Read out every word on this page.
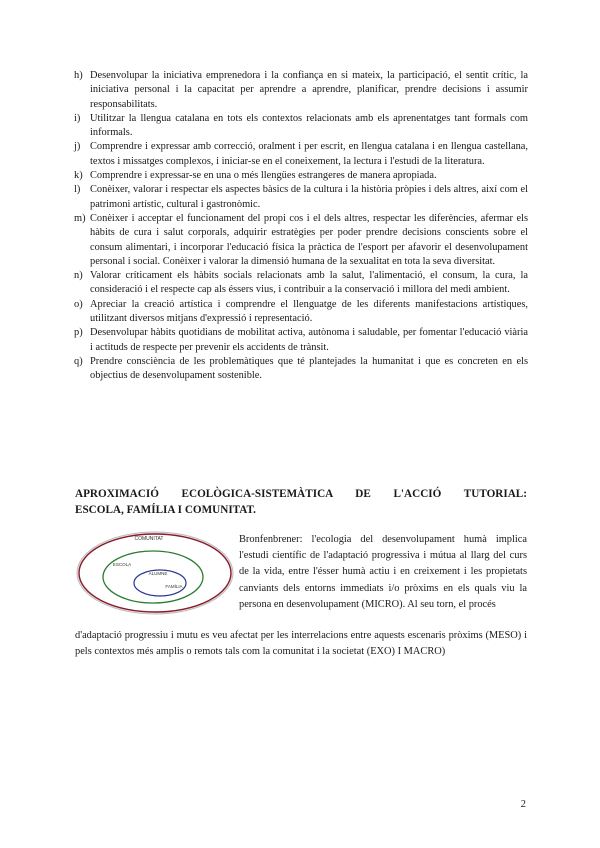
h) Desenvolupar la iniciativa emprenedora i la confiança en si mateix, la participació, el sentit crític, la iniciativa personal i la capacitat per aprendre a aprendre, planificar, prendre decisions i assumir responsabilitats.
i) Utilitzar la llengua catalana en tots els contextos relacionats amb els aprenentatges tant formals com informals.
j) Comprendre i expressar amb correcció, oralment i per escrit, en llengua catalana i en llengua castellana, textos i missatges complexos, i iniciar-se en el coneixement, la lectura i l'estudi de la literatura.
k) Comprendre i expressar-se en una o més llengües estrangeres de manera apropiada.
l) Conèixer, valorar i respectar els aspectes bàsics de la cultura i la història pròpies i dels altres, així com el patrimoni artístic, cultural i gastronòmic.
m) Conèixer i acceptar el funcionament del propi cos i el dels altres, respectar les diferències, afermar els hàbits de cura i salut corporals, adquirir estratègies per poder prendre decisions conscients sobre el consum alimentari, i incorporar l'educació física la pràctica de l'esport per afavorir el desenvolupament personal i social. Conèixer i valorar la dimensió humana de la sexualitat en tota la seva diversitat.
n) Valorar críticament els hàbits socials relacionats amb la salut, l'alimentació, el consum, la cura, la consideració i el respecte cap als éssers vius, i contribuir a la conservació i millora del medi ambient.
o) Apreciar la creació artística i comprendre el llenguatge de les diferents manifestacions artístiques, utilitzant diversos mitjans d'expressió i representació.
p) Desenvolupar hàbits quotidians de mobilitat activa, autònoma i saludable, per fomentar l'educació viària i actituds de respecte per prevenir els accidents de trànsit.
q) Prendre consciència de les problemàtiques que té plantejades la humanitat i que es concreten en els objectius de desenvolupament sostenible.

APROXIMACIÓ ECOLÒGICA-SISTEMÀTICA DE L'ACCIÓ TUTORIAL:

ESCOLA, FAMÍLIA I COMUNITAT.

COMUNITAT
ESCOLA
ALUMNE
FAMÍLIA

Bronfenbrener: l'ecologia del desenvolupament humà implica l'estudi científic de l'adaptació progressiva i mútua al llarg del curs de la vida, entre l'ésser humà actiu i en creixement i les propietats canviants dels entorns immediats i/o pròxims en els quals viu la persona en desenvolupament (MICRO). Al seu torn, el procés

d'adaptació progressiu i mutu es veu afectat per les interrelacions entre aquests escenaris pròxims (MESO) i pels contextos més amplis o remots tals com la comunitat i la societat (EXO) I MACRO)

2
